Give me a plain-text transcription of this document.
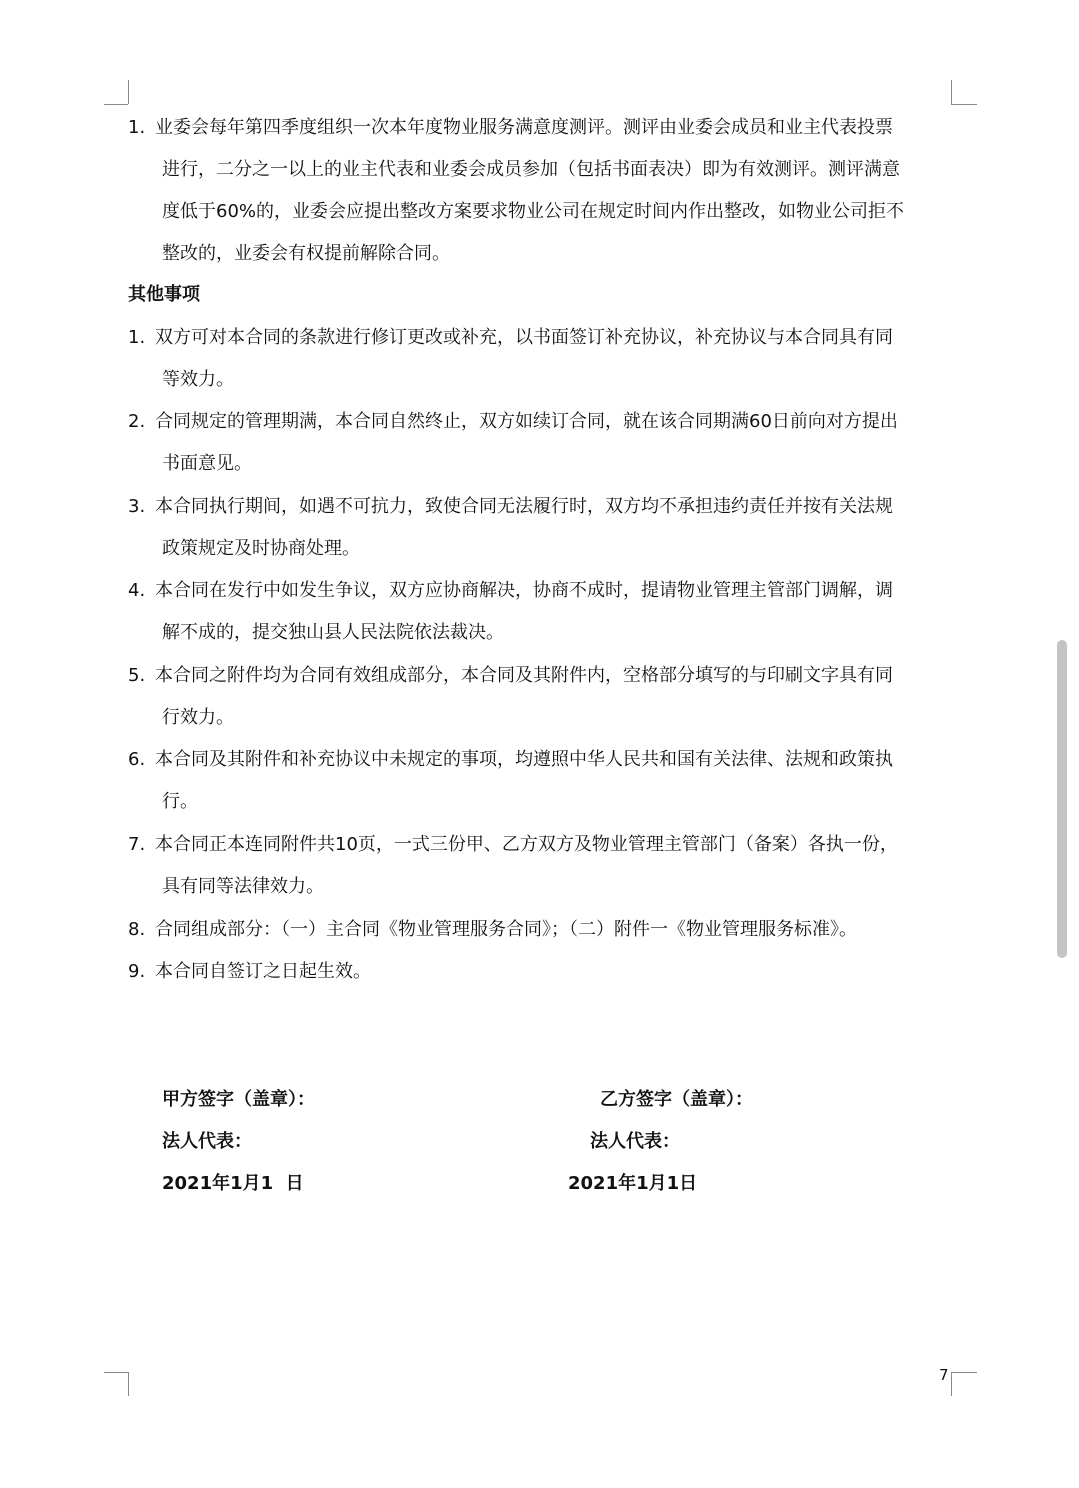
1. 业委会每年第四季度组织一次本年度物业服务满意度测评。测评由业委会成员和业主代表投票
进行，二分之一以上的业主代表和业委会成员参加（包括书面表决）即为有效测评。测评满意
度低于60%的，业委会应提出整改方案要求物业公司在规定时间内作出整改，如物业公司拒不
整改的，业委会有权提前解除合同。
其他事项
1. 双方可对本合同的条款进行修订更改或补充，以书面签订补充协议，补充协议与本合同具有同
等效力。
2. 合同规定的管理期满，本合同自然终止，双方如续订合同，就在该合同期满60日前向对方提出
书面意见。
3. 本合同执行期间，如遇不可抗力，致使合同无法履行时，双方均不承担违约责任并按有关法规
政策规定及时协商处理。
4. 本合同在发行中如发生争议，双方应协商解决，协商不成时，提请物业管理主管部门调解，调
解不成的，提交独山县人民法院依法裁决。
5. 本合同之附件均为合同有效组成部分，本合同及其附件内，空格部分填写的与印刷文字具有同
行效力。
6. 本合同及其附件和补充协议中未规定的事项，均遵照中华人民共和国有关法律、法规和政策执
行。
7. 本合同正本连同附件共10页，一式三份甲、乙方双方及物业管理主管部门（备案）各执一份，
具有同等法律效力。
8. 合同组成部分：（一）主合同《物业管理服务合同》；（二）附件一《物业管理服务标准》。
9. 本合同自签订之日起生效。
甲方签字（盖章）：	乙方签字（盖章）：
法人代表：	法人代表：
2021年1月1  日	2021年1月1日
7
